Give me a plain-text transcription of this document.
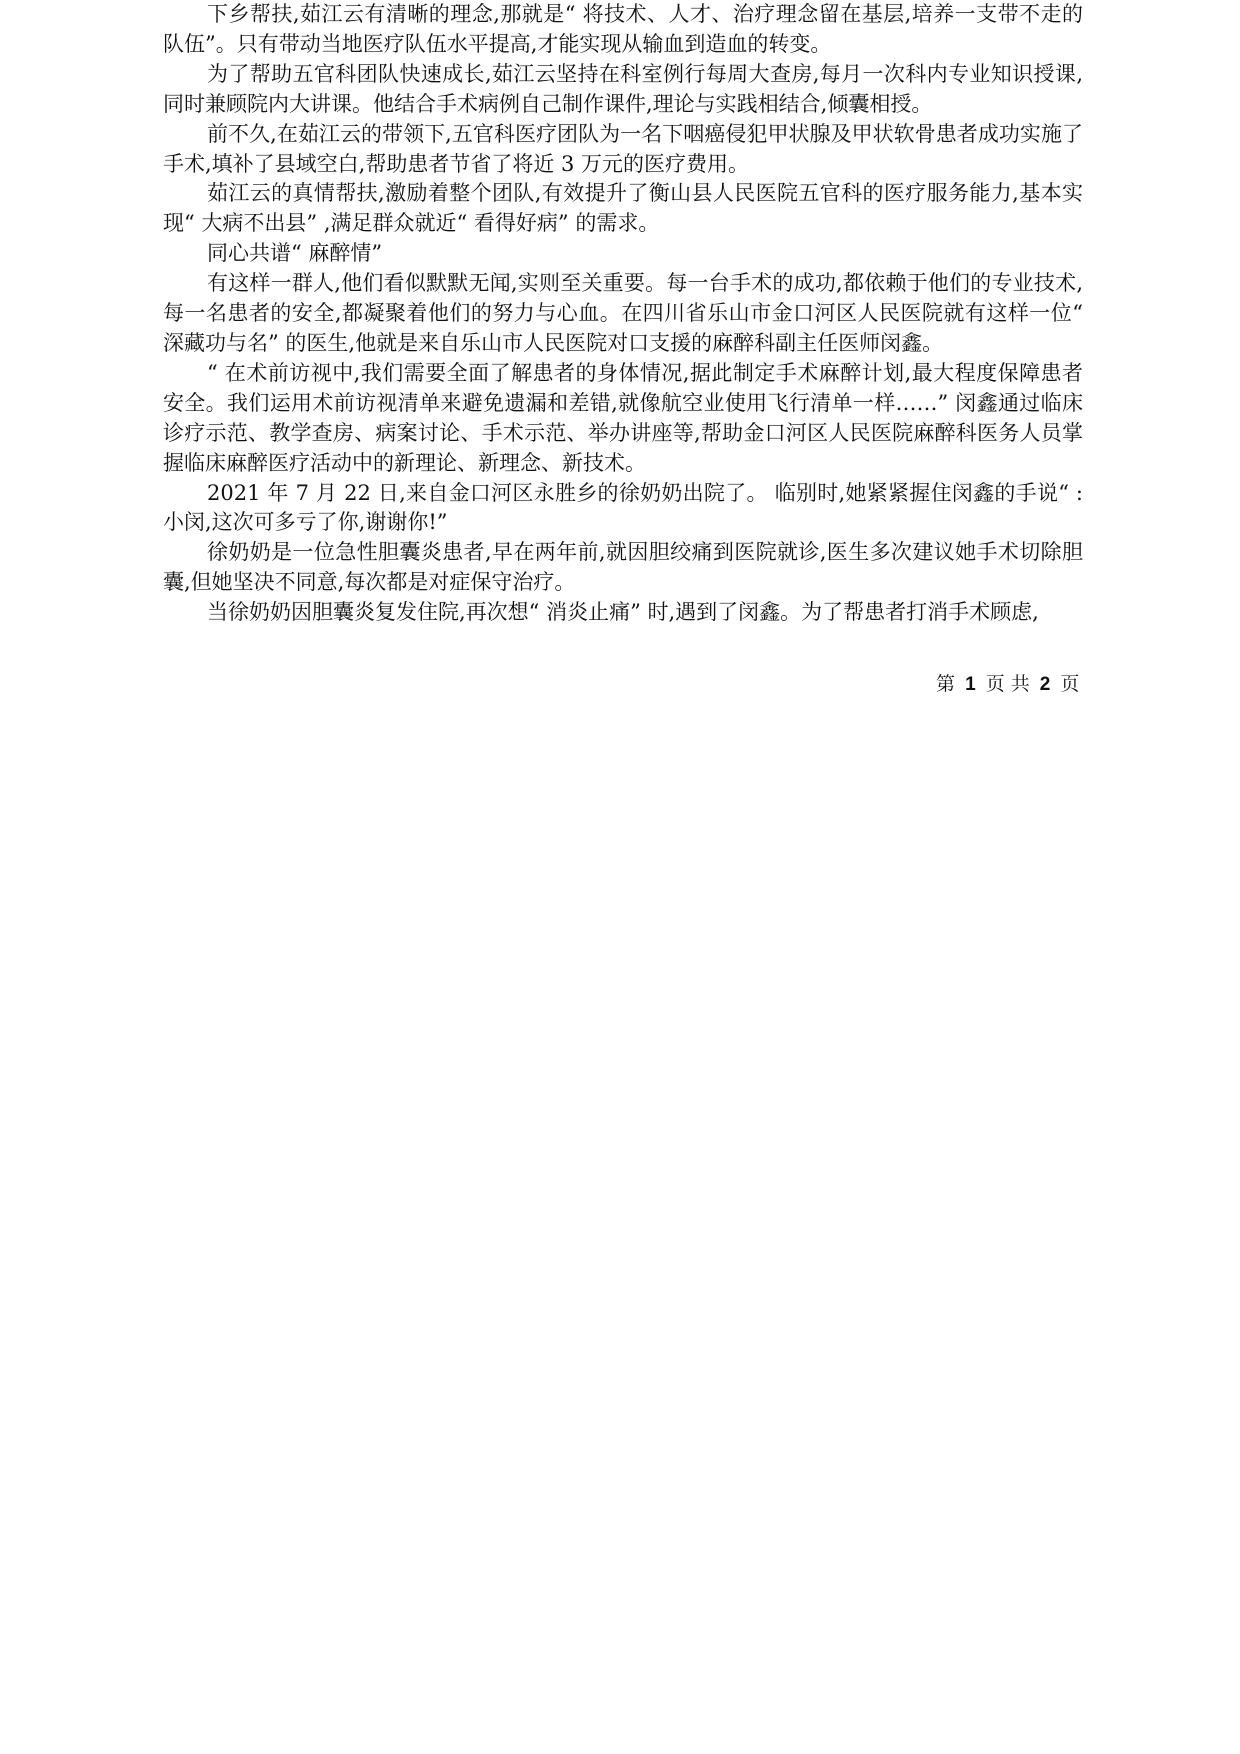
下乡帮扶,茹江云有清晰的理念,那就是“ 将技术、人才、治疗理念留在基层,培养一支带不走的队伍”。只有带动当地医疗队伍水平提高,才能实现从输血到造血的转变。

为了帮助五官科团队快速成长,茹江云坚持在科室例行每周大查房,每月一次科内专业知识授课,同时兼顾院内大讲课。他结合手术病例自己制作课件,理论与实践相结合,倾囊相授。

前不久,在茹江云的带领下,五官科医疗团队为一名下咽癌侵犯甲状腺及甲状软骨患者成功实施了手术,填补了县域空白,帮助患者节省了将近 3 万元的医疗费用。

茹江云的真情帮扶,激励着整个团队,有效提升了衡山县人民医院五官科的医疗服务能力,基本实现“ 大病不出县” ,满足群众就近“ 看得好病” 的需求。

同心共谱“ 麻醉情”

有这样一群人,他们看似默默无闻,实则至关重要。每一台手术的成功,都依赖于他们的专业技术,每一名患者的安全,都凝聚着他们的努力与心血。在四川省乐山市金口河区人民医院就有这样一位“ 深藏功与名” 的医生,他就是来自乐山市人民医院对口支援的麻醉科副主任医师闵鑫。

“ 在术前访视中,我们需要全面了解患者的身体情况,据此制定手术麻醉计划,最大程度保障患者安全。我们运用术前访视清单来避免遗漏和差错,就像航空业使用飞行清单一样……” 闵鑫通过临床诊疗示范、教学查房、病案讨论、手术示范、举办讲座等,帮助金口河区人民医院麻醉科医务人员掌握临床麻醉医疗活动中的新理论、新理念、新技术。

2021 年 7 月 22 日,来自金口河区永胜乡的徐奶奶出院了。 临别时,她紧紧握住闵鑫的手说“ :小闵,这次可多亏了你,谢谢你!”

徐奶奶是一位急性胆囊炎患者,早在两年前,就因胆绞痛到医院就诊,医生多次建议她手术切除胆囊,但她坚决不同意,每次都是对症保守治疗。

当徐奶奶因胆囊炎复发住院,再次想“ 消炎止痛” 时,遇到了闵鑫。为了帮患者打消手术顾虑,

第 1 页 共 2 页
